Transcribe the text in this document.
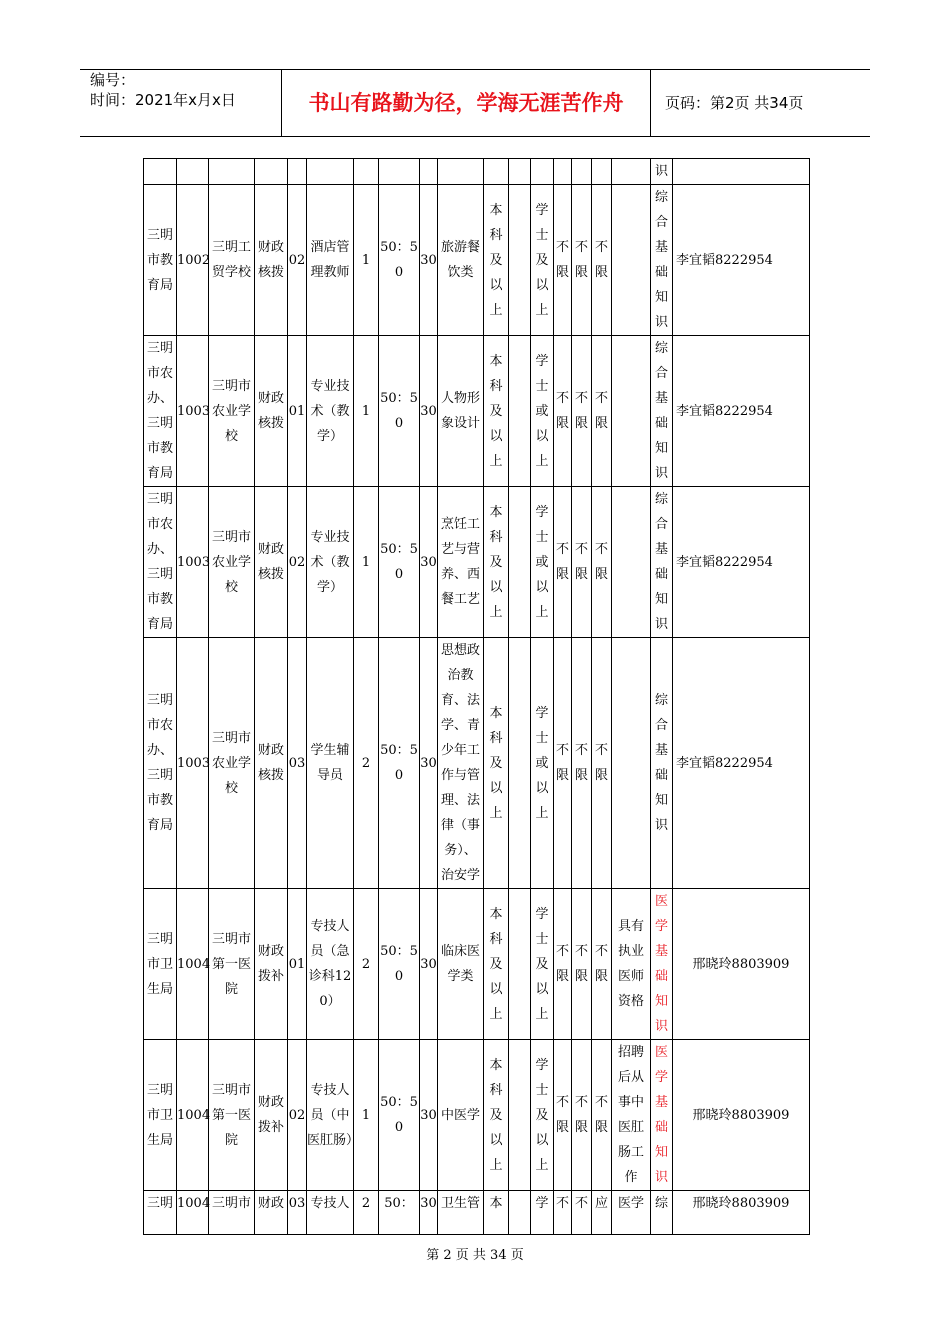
编号：
时间：2021年x月x日	书山有路勤为径，学海无涯苦作舟	页码：第2页 共34页
																	识	
三明市教育局	1002	三明工贸学校	财政核拨	02	酒店管理教师	1	50：50	30	旅游餐饮类	本科及以上		学士及以上	不限	不限	不限		综合基础知识	李宜韬8222954
三明市农办、三明市教育局	1003	三明市农业学校	财政核拨	01	专业技术（教学）	1	50：50	30	人物形象设计	本科及以上		学士或以上	不限	不限	不限		综合基础知识	李宜韬8222954
三明市农办、三明市教育局	1003	三明市农业学校	财政核拨	02	专业技术（教学）	1	50：50	30	烹饪工艺与营养、西餐工艺	本科及以上		学士或以上	不限	不限	不限		综合基础知识	李宜韬8222954
三明市农办、三明市教育局	1003	三明市农业学校	财政核拨	03	学生辅导员	2	50：50	30	思想政治教育、法学、青少年工作与管理、法律（事务）、治安学	本科及以上		学士或以上	不限	不限	不限		综合基础知识	李宜韬8222954
三明市卫生局	1004	三明市第一医院	财政拨补	01	专技人员（急诊科120）	2	50：50	30	临床医学类	本科及以上		学士及以上	不限	不限	不限	具有执业医师资格	医学基础知识	邢晓玲8803909
三明市卫生局	1004	三明市第一医院	财政拨补	02	专技人员（中医肛肠）	1	50：50	30	中医学	本科及以上		学士及以上	不限	不限	不限	招聘后从事中医肛肠工作	医学基础知识	邢晓玲8803909
三明	1004	三明市	财政	03	专技人	2	50：	30	卫生管	本		学	不	不	应	医学	综	邢晓玲8803909
第 2 页 共 34 页
